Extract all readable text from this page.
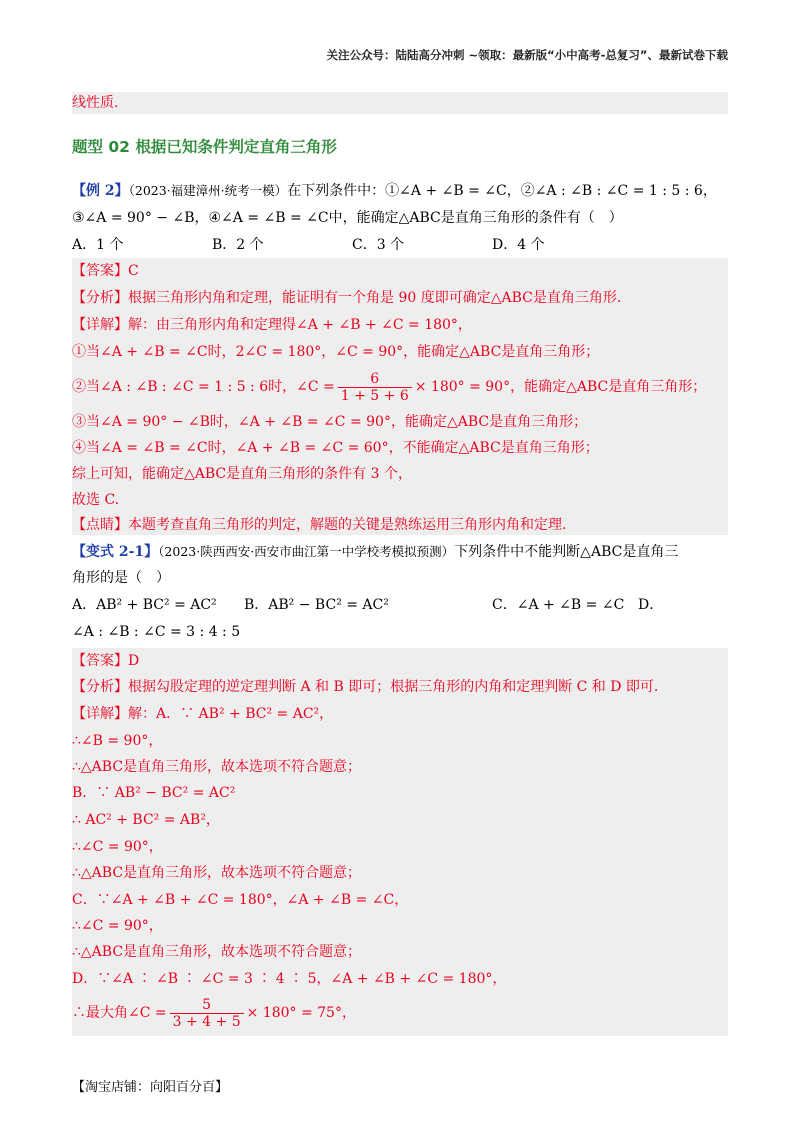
关注公众号：陆陆高分冲刺 ~领取：最新版“小中高考-总复习”、最新试卷下载
线性质.
题型 02 根据已知条件判定直角三角形
【例 2】（2023·福建漳州·统考一模）在下列条件中：①∠A + ∠B = ∠C，②∠A : ∠B : ∠C = 1 : 5 : 6，
③∠A = 90° − ∠B，④∠A = ∠B = ∠C中，能确定△ABC是直角三角形的条件有（　）
A．1 个	B．2 个	C．3 个	D．4 个
【答案】C
【分析】根据三角形内角和定理，能证明有一个角是 90 度即可确定△ABC是直角三角形.
【详解】解：由三角形内角和定理得∠A + ∠B + ∠C = 180°，
①当∠A + ∠B = ∠C时，2∠C = 180°，∠C = 90°，能确定△ABC是直角三角形；
②当∠A : ∠B : ∠C = 1 : 5 : 6时，∠C = $\frac{6}{1 + 5 + 6} \times 180^\circ = 90^\circ$，能确定△ABC是直角三角形；
③当∠A = 90° − ∠B时，∠A + ∠B = ∠C = 90°，能确定△ABC是直角三角形；
④当∠A = ∠B = ∠C时，∠A + ∠B = ∠C = 60°，不能确定△ABC是直角三角形；
综上可知，能确定△ABC是直角三角形的条件有 3 个，
故选 C.
【点睛】本题考查直角三角形的判定，解题的关键是熟练运用三角形内角和定理.
【变式 2-1】（2023·陕西西安·西安市曲江第一中学校考模拟预测）下列条件中不能判断△ABC是直角三
角形的是（　）
A．AB² + BC² = AC² B．AB² − BC² = AC²	C．∠A + ∠B = ∠C D．
∠A : ∠B : ∠C = 3 : 4 : 5
【答案】D
【分析】根据勾股定理的逆定理判断 A 和 B 即可；根据三角形的内角和定理判断 C 和 D 即可.
【详解】解：A．∵ AB² + BC² = AC²，
∴∠B = 90°，
∴△ABC是直角三角形，故本选项不符合题意；
B．∵ AB² − BC² = AC²
∴ AC² + BC² = AB²，
∴∠C = 90°，
∴△ABC是直角三角形，故本选项不符合题意；
C．∵∠A + ∠B + ∠C = 180°，∠A + ∠B = ∠C，
∴∠C = 90°，
∴△ABC是直角三角形，故本选项不符合题意；
D．∵∠A ∶ ∠B ∶ ∠C = 3 ∶ 4 ∶ 5，∠A + ∠B + ∠C = 180°，
∴最大角∠C = $\frac{5}{3 + 4 + 5} \times 180^\circ = 75^\circ$，
【淘宝店铺：向阳百分百】
